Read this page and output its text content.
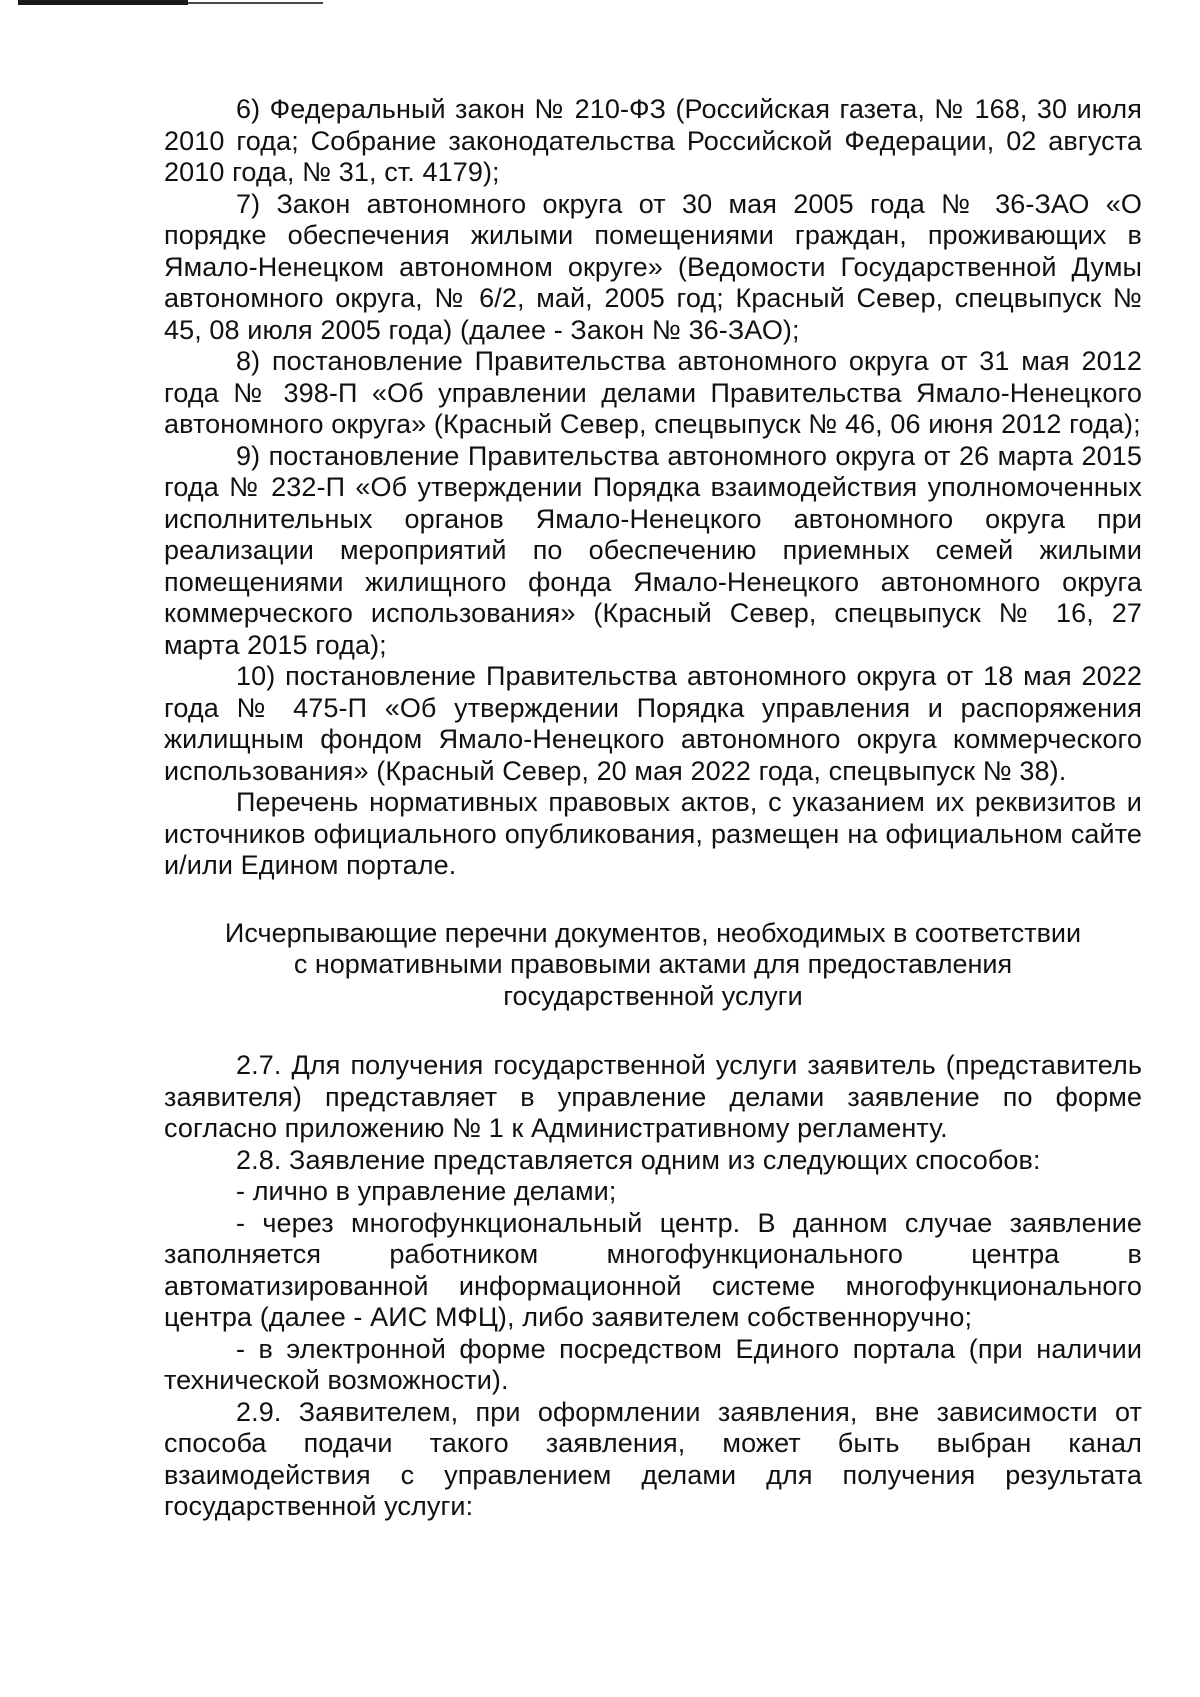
6) Федеральный закон № 210-ФЗ (Российская газета, № 168, 30 июля 2010 года; Собрание законодательства Российской Федерации, 02 августа 2010 года, № 31, ст. 4179);

7) Закон автономного округа от 30 мая 2005 года № 36-ЗАО «О порядке обеспечения жилыми помещениями граждан, проживающих в Ямало-Ненецком автономном округе» (Ведомости Государственной Думы автономного округа, № 6/2, май, 2005 год; Красный Север, спецвыпуск № 45, 08 июля 2005 года) (далее - Закон № 36-ЗАО);

8) постановление Правительства автономного округа от 31 мая 2012 года № 398-П «Об управлении делами Правительства Ямало-Ненецкого автономного округа» (Красный Север, спецвыпуск № 46, 06 июня 2012 года);

9) постановление Правительства автономного округа от 26 марта 2015 года № 232-П «Об утверждении Порядка взаимодействия уполномоченных исполнительных органов Ямало-Ненецкого автономного округа при реализации мероприятий по обеспечению приемных семей жилыми помещениями жилищного фонда Ямало-Ненецкого автономного округа коммерческого использования» (Красный Север, спецвыпуск № 16, 27 марта 2015 года);

10) постановление Правительства автономного округа от 18 мая 2022 года № 475-П «Об утверждении Порядка управления и распоряжения жилищным фондом Ямало-Ненецкого автономного округа коммерческого использования» (Красный Север, 20 мая 2022 года, спецвыпуск № 38).

Перечень нормативных правовых актов, с указанием их реквизитов и источников официального опубликования, размещен на официальном сайте и/или Едином портале.

Исчерпывающие перечни документов, необходимых в соответствии
с нормативными правовыми актами для предоставления
государственной услуги

2.7. Для получения государственной услуги заявитель (представитель заявителя) представляет в управление делами заявление по форме согласно приложению № 1 к Административному регламенту.

2.8. Заявление представляется одним из следующих способов:

- лично в управление делами;

- через многофункциональный центр. В данном случае заявление заполняется работником многофункционального центра в автоматизированной информационной системе многофункционального центра (далее - АИС МФЦ), либо заявителем собственноручно;

- в электронной форме посредством Единого портала (при наличии технической возможности).

2.9. Заявителем, при оформлении заявления, вне зависимости от способа подачи такого заявления, может быть выбран канал взаимодействия с управлением делами для получения результата государственной услуги:
